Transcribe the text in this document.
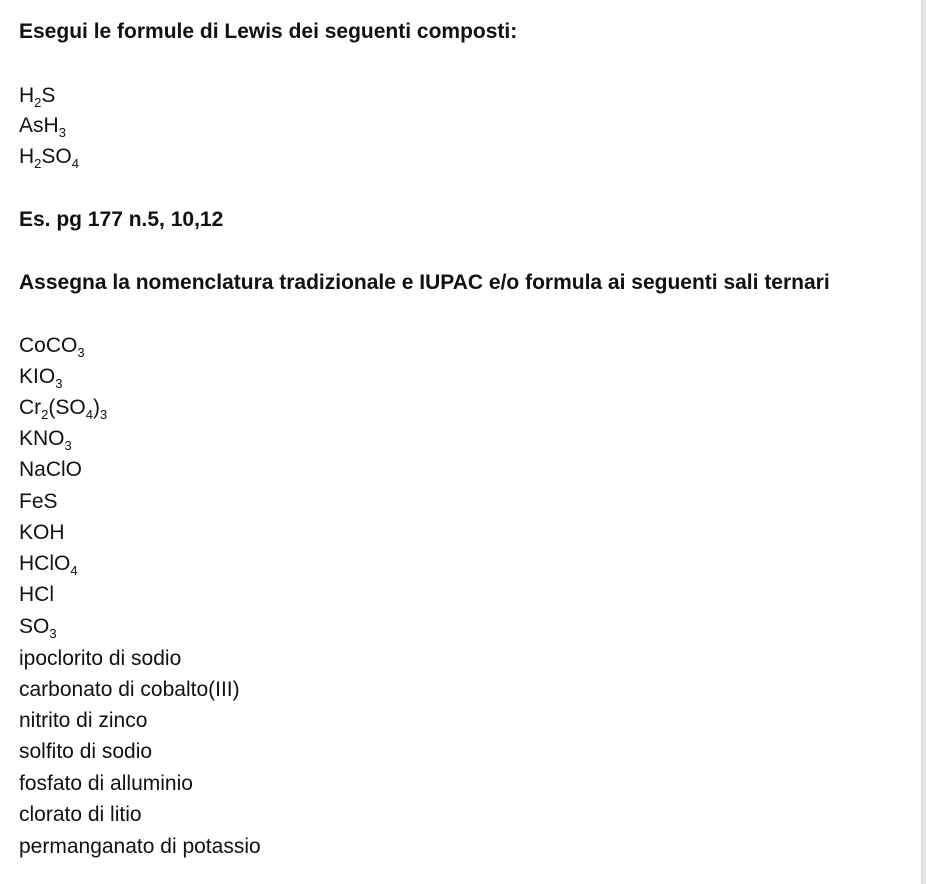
Esegui le formule di Lewis dei seguenti composti:
$H_2S$
AsH$_3$
$H_2SO_4$
Es. pg 177 n.5, 10,12
Assegna la nomenclatura tradizionale e IUPAC e/o formula ai seguenti sali ternari
CoCO$_3$
$KIO_3$
$Cr_2(SO_4)_3$
$KNO_3$
NaClO
FeS
KOH
HClO$_4$
HCl
$SO_3$
ipoclorito di sodio
carbonato di cobalto(III)
nitrito di zinco
solfito di sodio
fosfato di alluminio
clorato di litio
permanganato di potassio
